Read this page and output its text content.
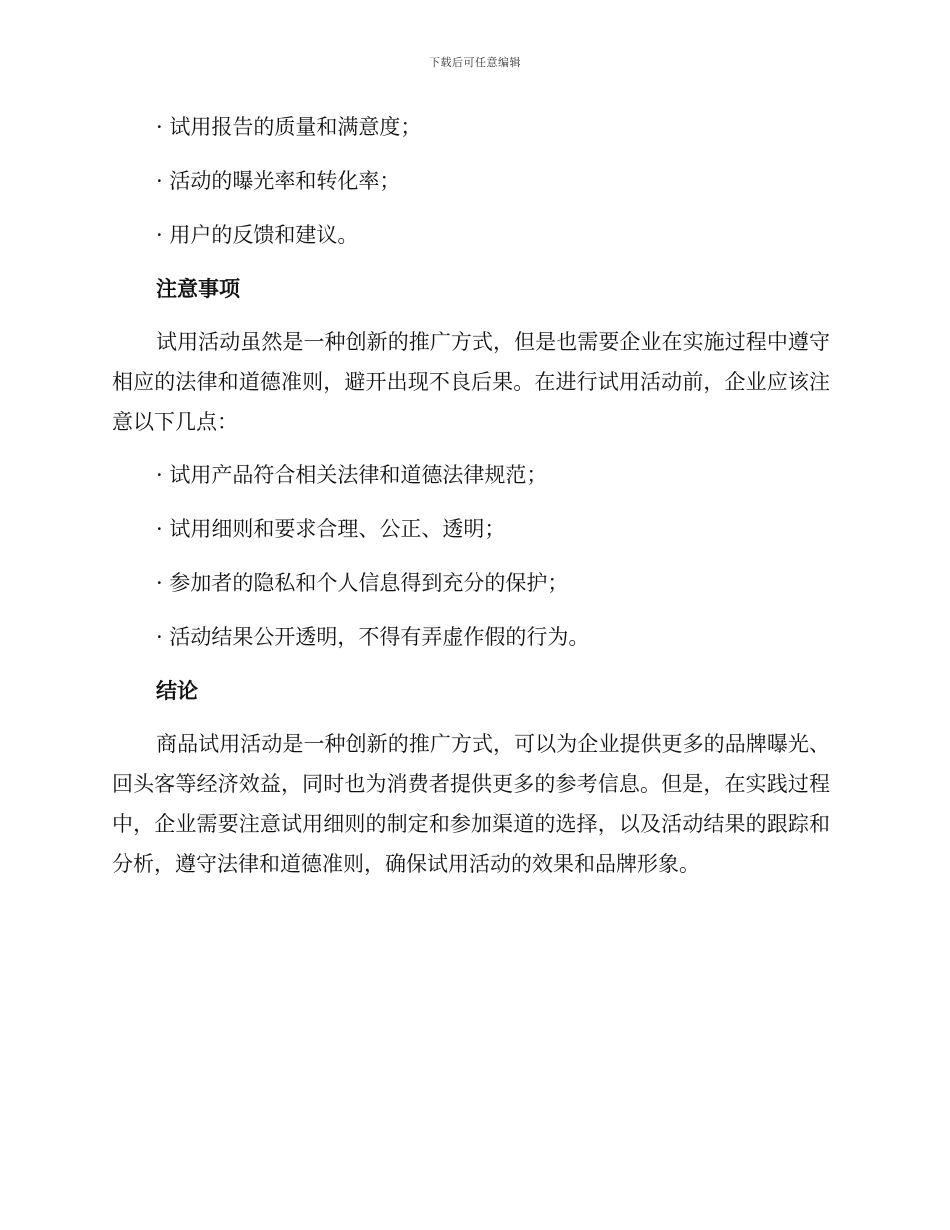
下载后可任意编辑

· 试用报告的质量和满意度；

· 活动的曝光率和转化率；

· 用户的反馈和建议。

注意事项

试用活动虽然是一种创新的推广方式，但是也需要企业在实施过程中遵守相应的法律和道德准则，避开出现不良后果。在进行试用活动前，企业应该注意以下几点：

· 试用产品符合相关法律和道德法律规范；

· 试用细则和要求合理、公正、透明；

· 参加者的隐私和个人信息得到充分的保护；

· 活动结果公开透明，不得有弄虚作假的行为。

结论

商品试用活动是一种创新的推广方式，可以为企业提供更多的品牌曝光、回头客等经济效益，同时也为消费者提供更多的参考信息。但是，在实践过程中，企业需要注意试用细则的制定和参加渠道的选择，以及活动结果的跟踪和分析，遵守法律和道德准则，确保试用活动的效果和品牌形象。
